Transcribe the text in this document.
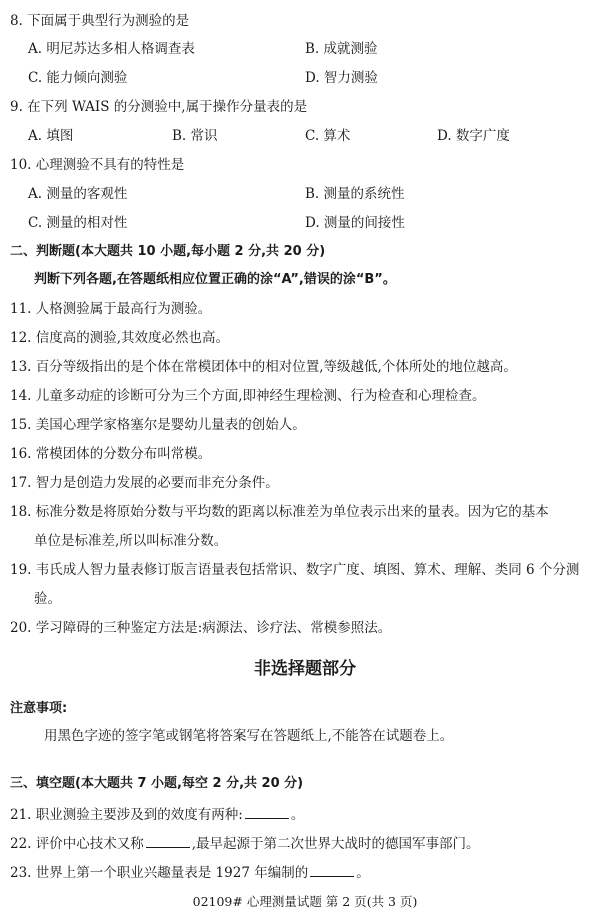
8. 下面属于典型行为测验的是
A. 明尼苏达多相人格调查表	B. 成就测验
C. 能力倾向测验	D. 智力测验
9. 在下列 WAIS 的分测验中,属于操作分量表的是
A. 填图	B. 常识	C. 算术	D. 数字广度
10. 心理测验不具有的特性是
A. 测量的客观性	B. 测量的系统性
C. 测量的相对性	D. 测量的间接性
二、判断题(本大题共 10 小题,每小题 2 分,共 20 分)
判断下列各题,在答题纸相应位置正确的涂“A”,错误的涂“B”。
11. 人格测验属于最高行为测验。
12. 信度高的测验,其效度必然也高。
13. 百分等级指出的是个体在常模团体中的相对位置,等级越低,个体所处的地位越高。
14. 儿童多动症的诊断可分为三个方面,即神经生理检测、行为检查和心理检查。
15. 美国心理学家格塞尔是婴幼儿量表的创始人。
16. 常模团体的分数分布叫常模。
17. 智力是创造力发展的必要而非充分条件。
18. 标准分数是将原始分数与平均数的距离以标准差为单位表示出来的量表。因为它的基本
单位是标准差,所以叫标准分数。
19. 韦氏成人智力量表修订版言语量表包括常识、数字广度、填图、算术、理解、类同 6 个分测
验。
20. 学习障碍的三种鉴定方法是:病源法、诊疗法、常模参照法。
非选择题部分
注意事项:
用黑色字迹的签字笔或钢笔将答案写在答题纸上,不能答在试题卷上。
三、填空题(本大题共 7 小题,每空 2 分,共 20 分)
21. 职业测验主要涉及到的效度有两种:	。
22. 评价中心技术又称	,最早起源于第二次世界大战时的德国军事部门。
23. 世界上第一个职业兴趣量表是 1927 年编制的	。
02109# 心理测量试题 第 2 页(共 3 页)
